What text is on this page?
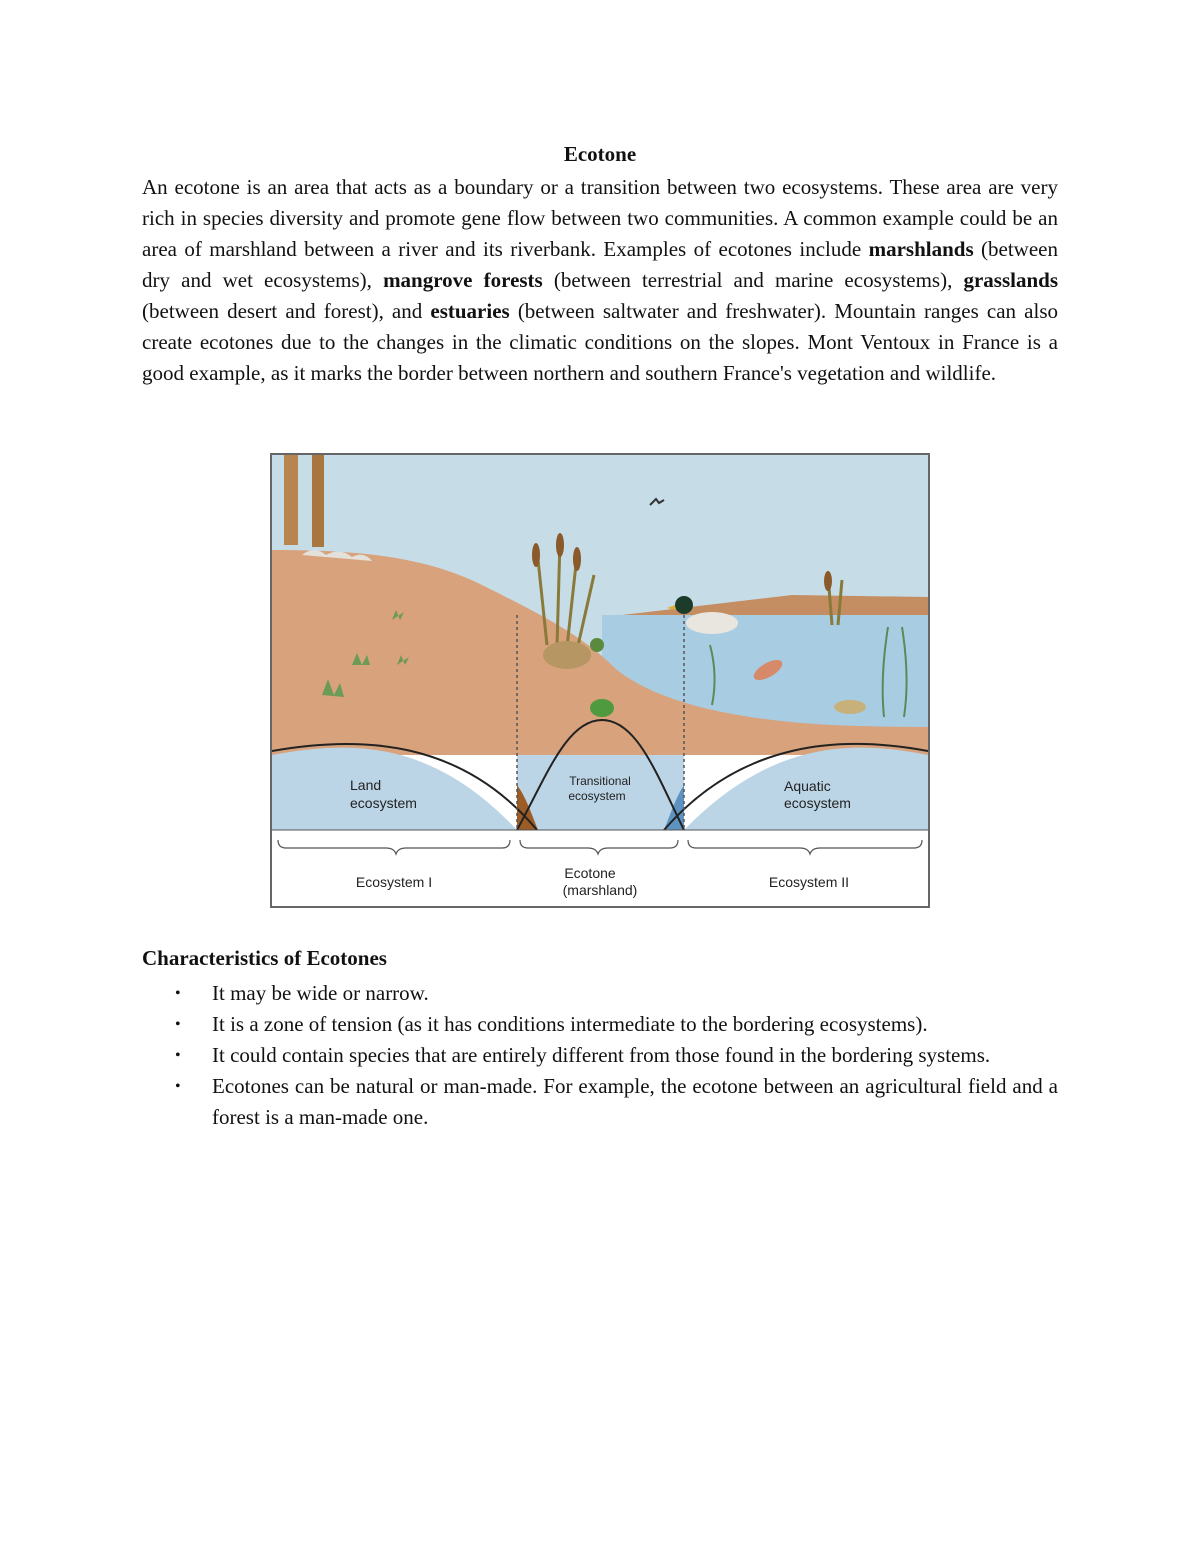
Ecotone

An ecotone is an area that acts as a boundary or a transition between two ecosystems. These area are very rich in species diversity and promote gene flow between two communities. A common example could be an area of marshland between a river and its riverbank. Examples of ecotones include marshlands (between dry and wet ecosystems), mangrove forests (between terrestrial and marine ecosystems), grasslands (between desert and forest), and estuaries (between saltwater and freshwater). Mountain ranges can also create ecotones due to the changes in the climatic conditions on the slopes. Mont Ventoux in France is a good example, as it marks the border between northern and southern France's vegetation and wildlife.

Land
ecosystem
Transitional
ecosystem
Aquatic
ecosystem
Ecosystem I
Ecotone
(marshland)	Ecosystem II
Characteristics of Ecotones
• It may be wide or narrow.
• It is a zone of tension (as it has conditions intermediate to the bordering ecosystems).
• It could contain species that are entirely different from those found in the bordering systems.
• Ecotones can be natural or man-made. For example, the ecotone between an agricultural field and a forest is a man-made one.
